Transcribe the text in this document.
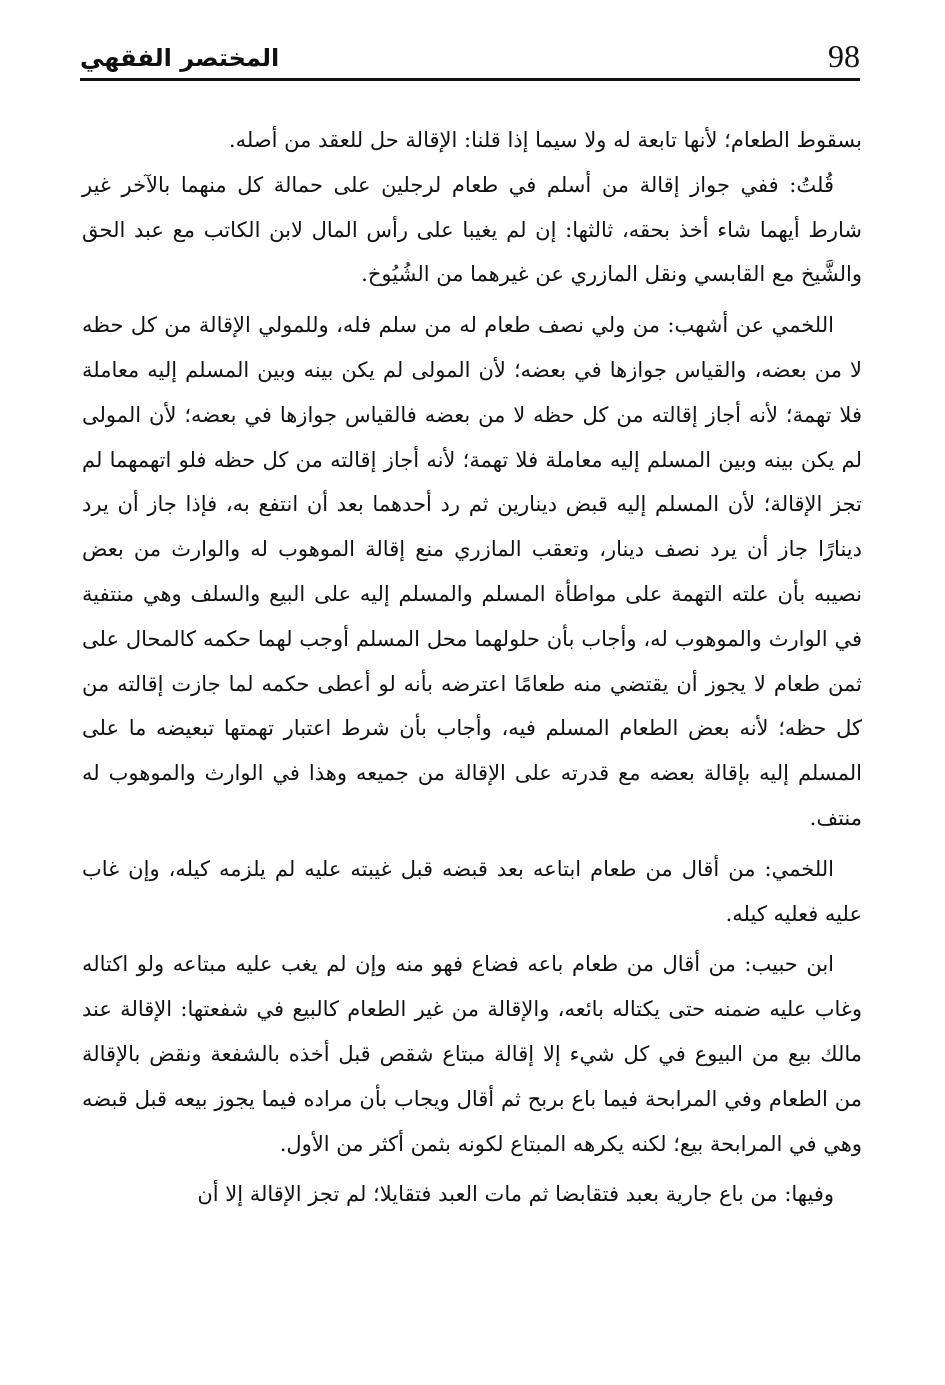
المختصر الفقهي	98

بسقوط الطعام؛ لأنها تابعة له ولا سيما إذا قلنا: الإقالة حل للعقد من أصله.

قُلتُ: ففي جواز إقالة من أسلم في طعام لرجلين على حمالة كل منهما بالآخر غير شارط أيهما شاء أخذ بحقه، ثالثها: إن لم يغيبا على رأس المال لابن الكاتب مع عبد الحق والشَّيخ مع القابسي ونقل المازري عن غيرهما من الشُيُوخ.

اللخمي عن أشهب: من ولي نصف طعام له من سلم فله، وللمولي الإقالة من كل حظه لا من بعضه، والقياس جوازها في بعضه؛ لأن المولى لم يكن بينه وبين المسلم إليه معاملة فلا تهمة؛ لأنه أجاز إقالته من كل حظه لا من بعضه فالقياس جوازها في بعضه؛ لأن المولى لم يكن بينه وبين المسلم إليه معاملة فلا تهمة؛ لأنه أجاز إقالته من كل حظه فلو اتهمهما لم تجز الإقالة؛ لأن المسلم إليه قبض دينارين ثم رد أحدهما بعد أن انتفع به، فإذا جاز أن يرد دينارًا جاز أن يرد نصف دينار، وتعقب المازري منع إقالة الموهوب له والوارث من بعض نصيبه بأن علته التهمة على مواطأة المسلم والمسلم إليه على البيع والسلف وهي منتفية في الوارث والموهوب له، وأجاب بأن حلولهما محل المسلم أوجب لهما حكمه كالمحال على ثمن طعام لا يجوز أن يقتضي منه طعامًا اعترضه بأنه لو أعطى حكمه لما جازت إقالته من كل حظه؛ لأنه بعض الطعام المسلم فيه، وأجاب بأن شرط اعتبار تهمتها تبعيضه ما على المسلم إليه بإقالة بعضه مع قدرته على الإقالة من جميعه وهذا في الوارث والموهوب له منتف.

اللخمي: من أقال من طعام ابتاعه بعد قبضه قبل غيبته عليه لم يلزمه كيله، وإن غاب عليه فعليه كيله.

ابن حبيب: من أقال من طعام باعه فضاع فهو منه وإن لم يغب عليه مبتاعه ولو اكتاله وغاب عليه ضمنه حتى يكتاله بائعه، والإقالة من غير الطعام كالبيع في شفعتها: الإقالة عند مالك بيع من البيوع في كل شيء إلا إقالة مبتاع شقص قبل أخذه بالشفعة ونقض بالإقالة من الطعام وفي المرابحة فيما باع بربح ثم أقال ويجاب بأن مراده فيما يجوز بيعه قبل قبضه وهي في المرابحة بيع؛ لكنه يكرهه المبتاع لكونه بثمن أكثر من الأول.

وفيها: من باع جارية بعبد فتقابضا ثم مات العبد فتقايلا؛ لم تجز الإقالة إلا أن
